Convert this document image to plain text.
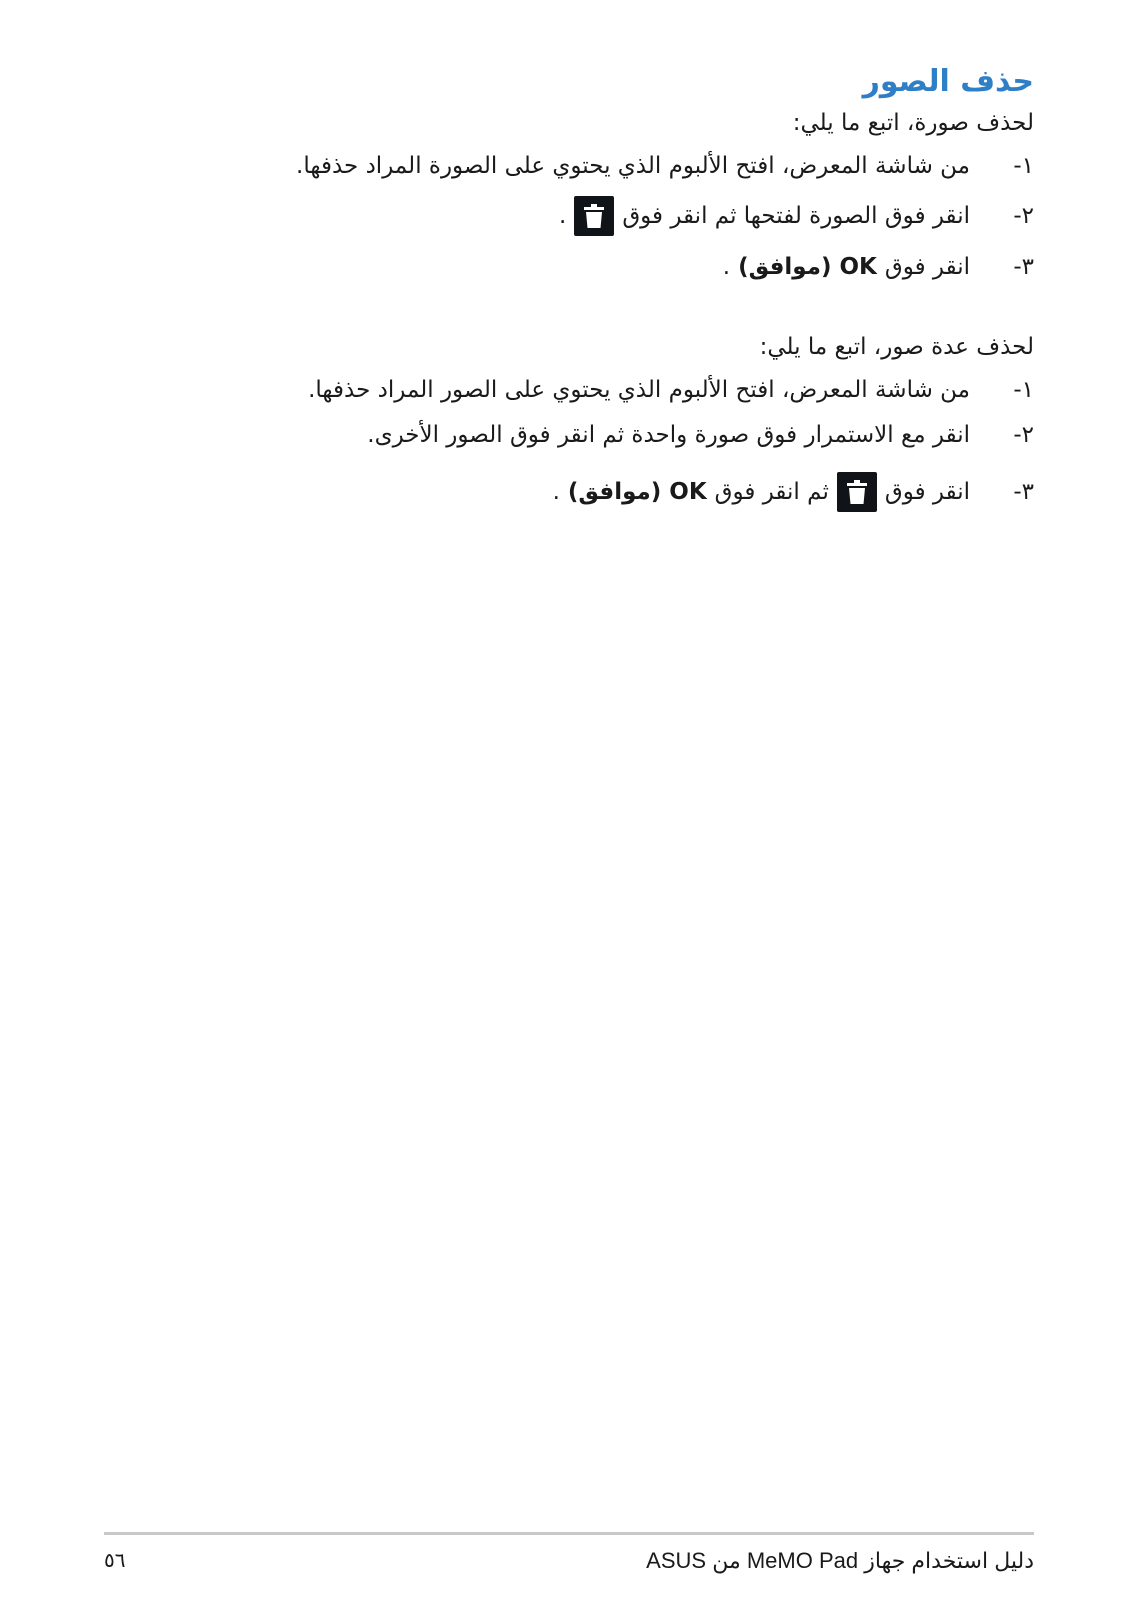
حذف الصور
لحذف صورة، اتبع ما يلي:
١-
من شاشة المعرض، افتح الألبوم الذي يحتوي على الصورة المراد حذفها.
٢-
انقر فوق الصورة لفتحها ثم انقر فوق
.
٣-
انقر فوق
OK (موافق)
.
لحذف عدة صور، اتبع ما يلي:
١-
من شاشة المعرض، افتح الألبوم الذي يحتوي على الصور المراد حذفها.
٢-
انقر مع الاستمرار فوق صورة واحدة ثم انقر فوق الصور الأخرى.
٣-
انقر فوق
ثم انقر فوق
OK (موافق)
.
دليل استخدام جهاز MeMO Pad من ASUS
٥٦
